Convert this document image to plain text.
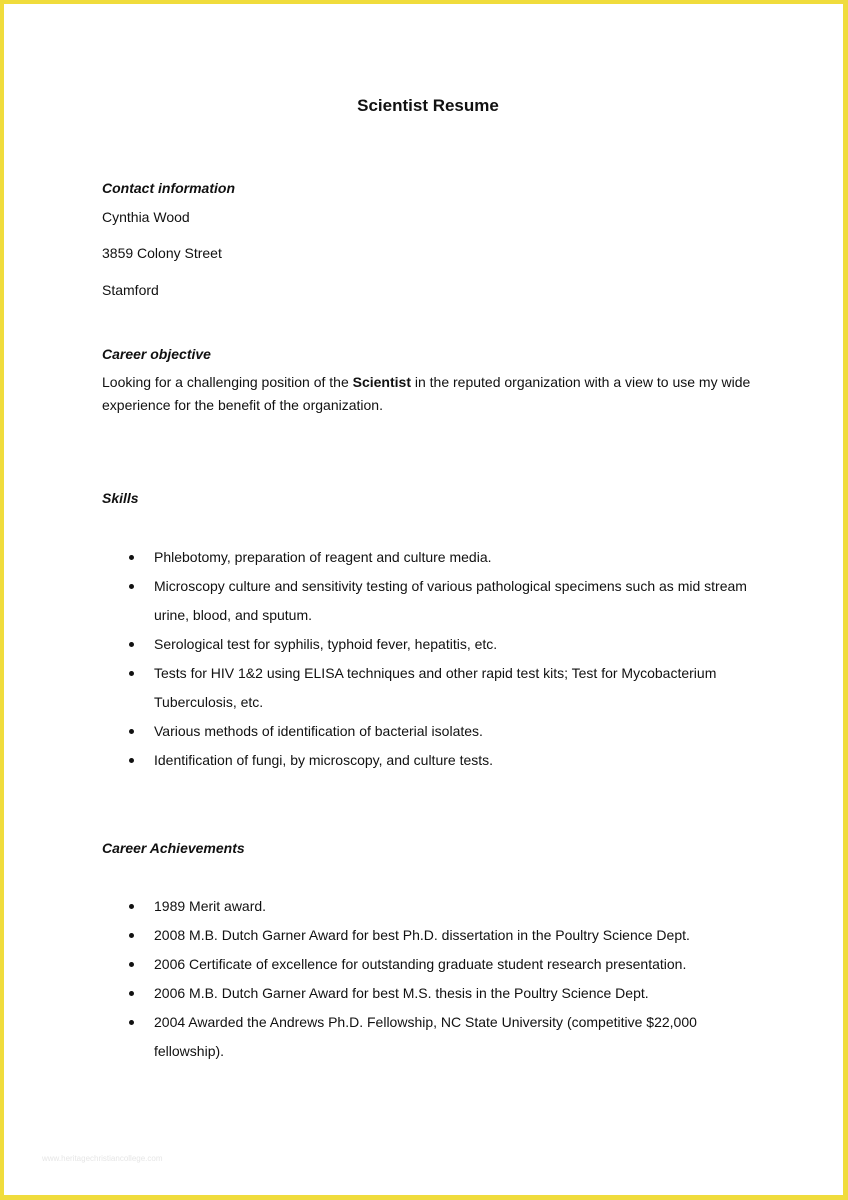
Scientist Resume
Contact information

Cynthia Wood

3859 Colony Street

Stamford

Career objective

Looking for a challenging position of the Scientist in the reputed organization with a view to use my wide experience for the benefit of the organization.

Skills
Phlebotomy, preparation of reagent and culture media.
Microscopy culture and sensitivity testing of various pathological specimens such as mid stream urine, blood, and sputum.
Serological test for syphilis, typhoid fever, hepatitis, etc.
Tests for HIV 1&2 using ELISA techniques and other rapid test kits; Test for Mycobacterium Tuberculosis, etc.
Various methods of identification of bacterial isolates.
Identification of fungi, by microscopy, and culture tests.
Career Achievements
1989 Merit award.
2008 M.B. Dutch Garner Award for best Ph.D. dissertation in the Poultry Science Dept.
2006 Certificate of excellence for outstanding graduate student research presentation.
2006 M.B. Dutch Garner Award for best M.S. thesis in the Poultry Science Dept.
2004 Awarded the Andrews Ph.D. Fellowship, NC State University (competitive $22,000 fellowship).

www.heritagechristiancollege.com
